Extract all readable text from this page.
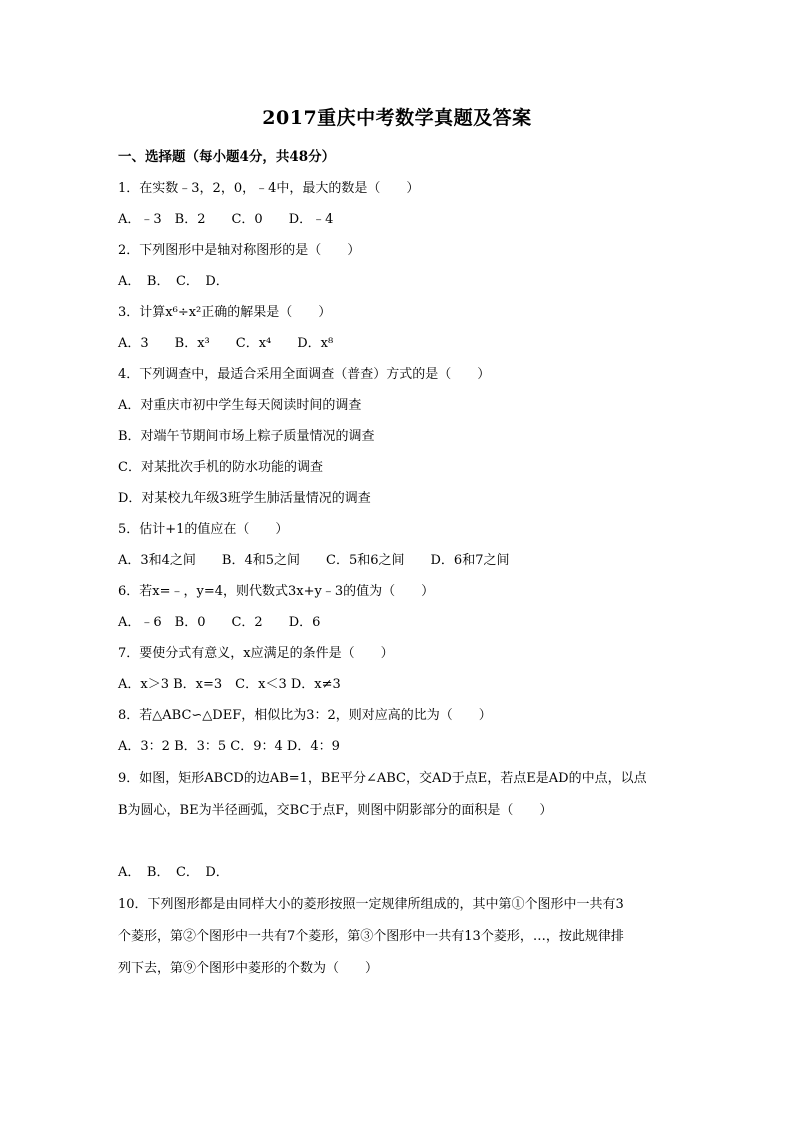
2017重庆中考数学真题及答案
一、选择题（每小题4分，共48分）
1．在实数﹣3，2，0，﹣4中，最大的数是（　　）
A．﹣3　B．2　　C．0　　D．﹣4
2．下列图形中是轴对称图形的是（　　）
A．　B．　C．　D．
3．计算x⁶÷x²正确的解果是（　　）
A．3　　B．x³　　C．x⁴　　D．x⁸
4．下列调查中，最适合采用全面调查（普查）方式的是（　　）
A．对重庆市初中学生每天阅读时间的调查
B．对端午节期间市场上粽子质量情况的调查
C．对某批次手机的防水功能的调查
D．对某校九年级3班学生肺活量情况的调查
5．估计+1的值应在（　　）
A．3和4之间　　B．4和5之间　　C．5和6之间　　D．6和7之间
6．若x=﹣，y=4，则代数式3x+y﹣3的值为（　　）
A．﹣6　B．0　　C．2　　D．6
7．要使分式有意义，x应满足的条件是（　　）
A．x＞3 B．x=3　C．x＜3 D．x≠3
8．若△ABC∽△DEF，相似比为3：2，则对应高的比为（　　）
A．3：2 B．3：5 C．9：4 D．4：9
9．如图，矩形ABCD的边AB=1，BE平分∠ABC，交AD于点E，若点E是AD的中点，以点
B为圆心，BE为半径画弧，交BC于点F，则图中阴影部分的面积是（　　）
A．　B．　C．　D．
10．下列图形都是由同样大小的菱形按照一定规律所组成的，其中第①个图形中一共有3
个菱形，第②个图形中一共有7个菱形，第③个图形中一共有13个菱形，…，按此规律排
列下去，第⑨个图形中菱形的个数为（　　）
